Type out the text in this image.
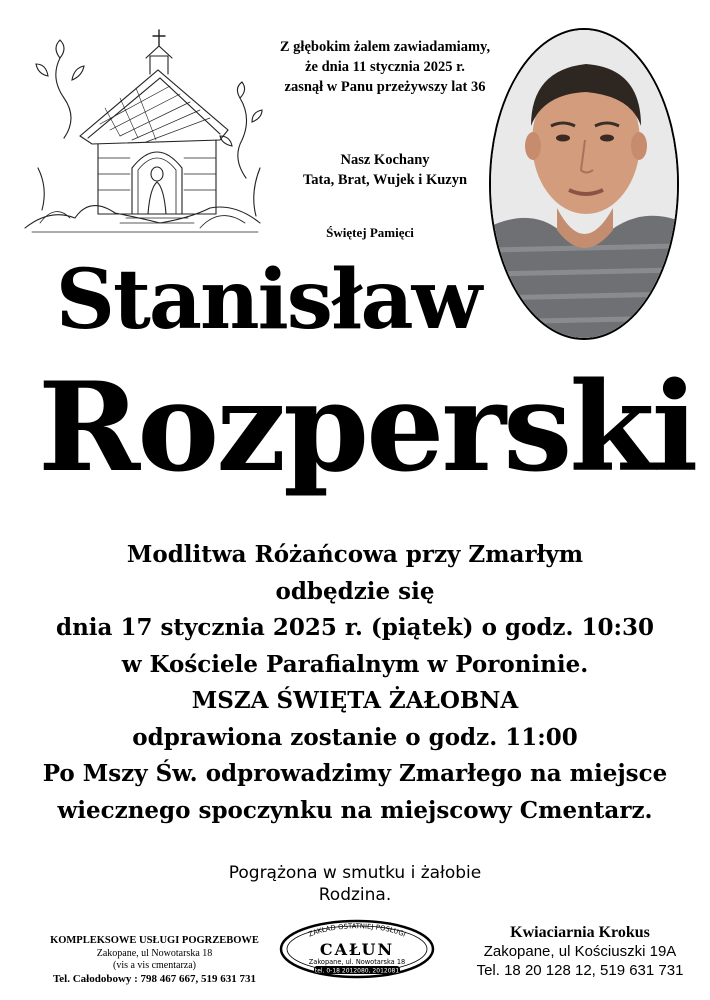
Z głębokim żalem zawiadamiamy,
że dnia 11 stycznia 2025 r.
zasnął w Panu przeżywszy lat 36
Nasz Kochany
Tata, Brat, Wujek i Kuzyn
Świętej Pamięci
Stanisław
Rozperski
Modlitwa Różańcowa przy Zmarłym
odbędzie się
dnia 17 stycznia 2025 r. (piątek) o godz. 10:30
w Kościele Parafialnym w Poroninie.
MSZA ŚWIĘTA ŻAŁOBNA
odprawiona zostanie o godz. 11:00
Po Mszy Św. odprowadzimy Zmarłego na miejsce
wiecznego spoczynku na miejscowy Cmentarz.
Pogrążona w smutku i żałobie
Rodzina.
KOMPLEKSOWE USŁUGI POGRZEBOWE
Zakopane, ul Nowotarska 18
(vis a vis cmentarza)
Tel. Całodobowy : 798 467 667, 519 631 731
ZAKŁAD OSTATNIEJ POSŁUGI
CAŁUN
Zakopane, ul. Nowotarska 18
tel. 0-18 2012080, 2012081
Kwiaciarnia Krokus
Zakopane, ul Kościuszki 19A
Tel. 18 20 128 12, 519 631 731
